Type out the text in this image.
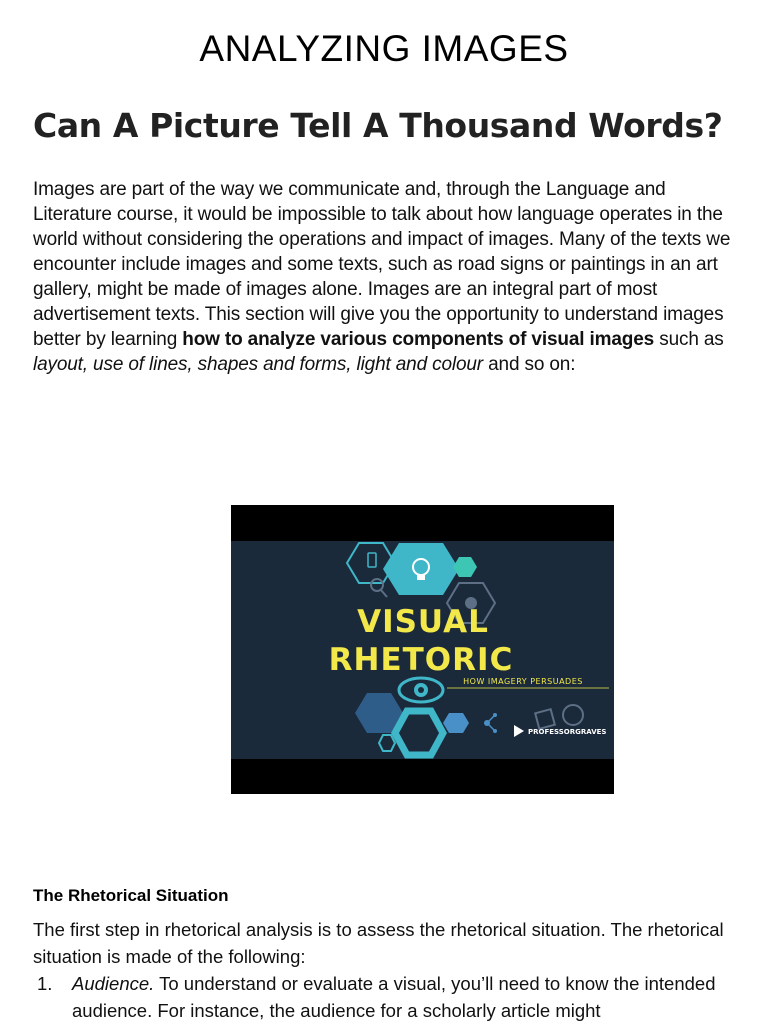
ANALYZING IMAGES
Can A Picture Tell A Thousand Words?
Images are part of the way we communicate and, through the Language and Literature course, it would be impossible to talk about how language operates in the world without considering the operations and impact of images. Many of the texts we encounter include images and some texts, such as road signs or paintings in an art gallery, might be made of images alone. Images are an integral part of most advertisement texts. This section will give you the opportunity to understand images better by learning how to analyze various components of visual images such as layout, use of lines, shapes and forms, light and colour and so on:
VISUAL
RHETORIC
HOW IMAGERY PERSUADES
PROFESSORGRAVES
The Rhetorical Situation
The first step in rhetorical analysis is to assess the rhetorical situation. The rhetorical situation is made of the following:
1. Audience. To understand or evaluate a visual, you’ll need to know the intended audience. For instance, the audience for a scholarly article might
